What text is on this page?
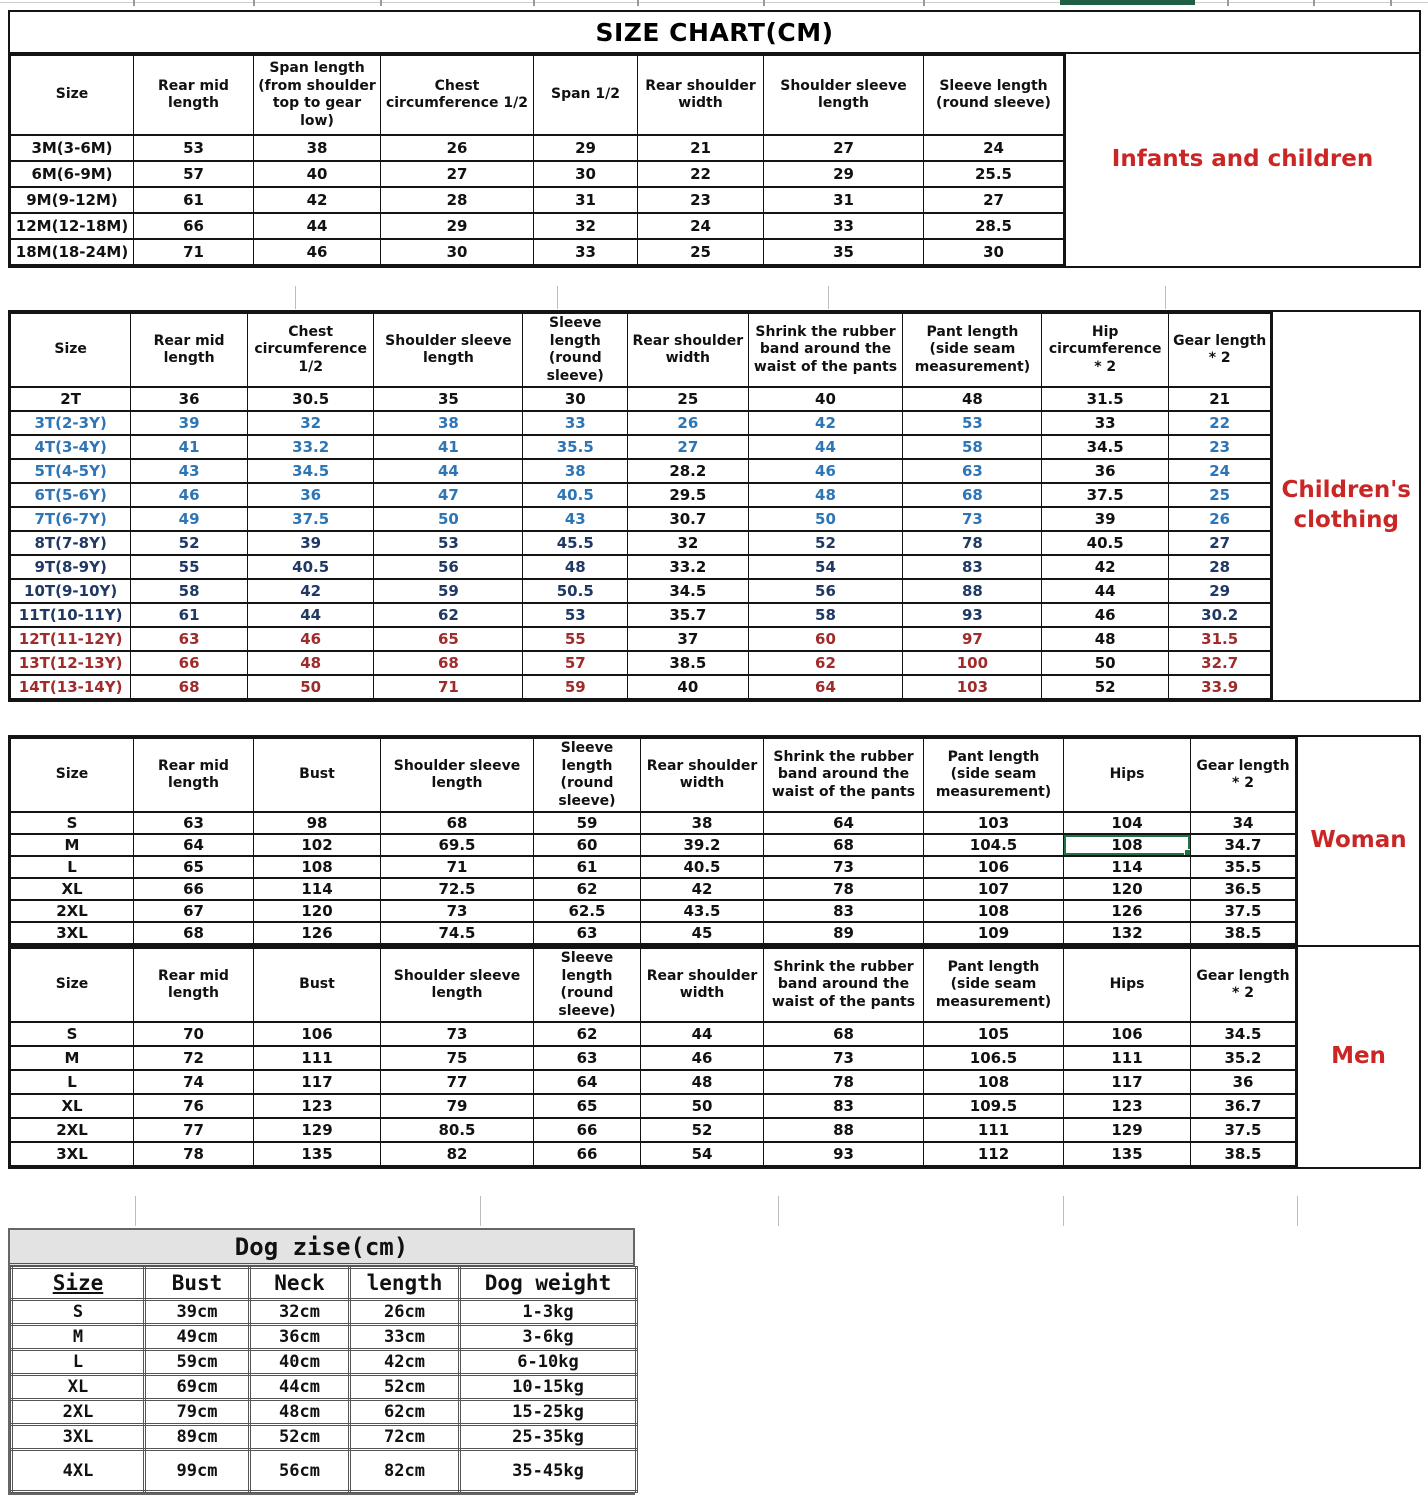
SIZE CHART(CM)
Size	Rear mid length	Span length (from shoulder top to gear low)	Chest circumference 1/2	Span 1/2	Rear shoulder width	Shoulder sleeve length	Sleeve length (round sleeve)
3M(3-6M)	53	38	26	29	21	27	24
6M(6-9M)	57	40	27	30	22	29	25.5
9M(9-12M)	61	42	28	31	23	31	27
12M(12-18M)	66	44	29	32	24	33	28.5
18M(18-24M)	71	46	30	33	25	35	30
Infants and children
Size	Rear mid length	Chest circumference 1/2	Shoulder sleeve length	Sleeve length (round sleeve)	Rear shoulder width	Shrink the rubber band around the waist of the pants	Pant length (side seam measurement)	Hip circumference * 2	Gear length * 2
2T	36	30.5	35	30	25	40	48	31.5	21
3T(2-3Y)	39	32	38	33	26	42	53	33	22
4T(3-4Y)	41	33.2	41	35.5	27	44	58	34.5	23
5T(4-5Y)	43	34.5	44	38	28.2	46	63	36	24
6T(5-6Y)	46	36	47	40.5	29.5	48	68	37.5	25
7T(6-7Y)	49	37.5	50	43	30.7	50	73	39	26
8T(7-8Y)	52	39	53	45.5	32	52	78	40.5	27
9T(8-9Y)	55	40.5	56	48	33.2	54	83	42	28
10T(9-10Y)	58	42	59	50.5	34.5	56	88	44	29
11T(10-11Y)	61	44	62	53	35.7	58	93	46	30.2
12T(11-12Y)	63	46	65	55	37	60	97	48	31.5
13T(12-13Y)	66	48	68	57	38.5	62	100	50	32.7
14T(13-14Y)	68	50	71	59	40	64	103	52	33.9
Children's clothing
Size	Rear mid length	Bust	Shoulder sleeve length	Sleeve length (round sleeve)	Rear shoulder width	Shrink the rubber band around the waist of the pants	Pant length (side seam measurement)	Hips	Gear length * 2
S	63	98	68	59	38	64	103	104	34
M	64	102	69.5	60	39.2	68	104.5	108	34.7
L	65	108	71	61	40.5	73	106	114	35.5
XL	66	114	72.5	62	42	78	107	120	36.5
2XL	67	120	73	62.5	43.5	83	108	126	37.5
3XL	68	126	74.5	63	45	89	109	132	38.5
Woman
Size	Rear mid length	Bust	Shoulder sleeve length	Sleeve length (round sleeve)	Rear shoulder width	Shrink the rubber band around the waist of the pants	Pant length (side seam measurement)	Hips	Gear length * 2
S	70	106	73	62	44	68	105	106	34.5
M	72	111	75	63	46	73	106.5	111	35.2
L	74	117	77	64	48	78	108	117	36
XL	76	123	79	65	50	83	109.5	123	36.7
2XL	77	129	80.5	66	52	88	111	129	37.5
3XL	78	135	82	66	54	93	112	135	38.5
Men
Dog zise(cm)
Size	Bust	Neck	length	Dog weight
S	39cm	32cm	26cm	1-3kg
M	49cm	36cm	33cm	3-6kg
L	59cm	40cm	42cm	6-10kg
XL	69cm	44cm	52cm	10-15kg
2XL	79cm	48cm	62cm	15-25kg
3XL	89cm	52cm	72cm	25-35kg
4XL	99cm	56cm	82cm	35-45kg
